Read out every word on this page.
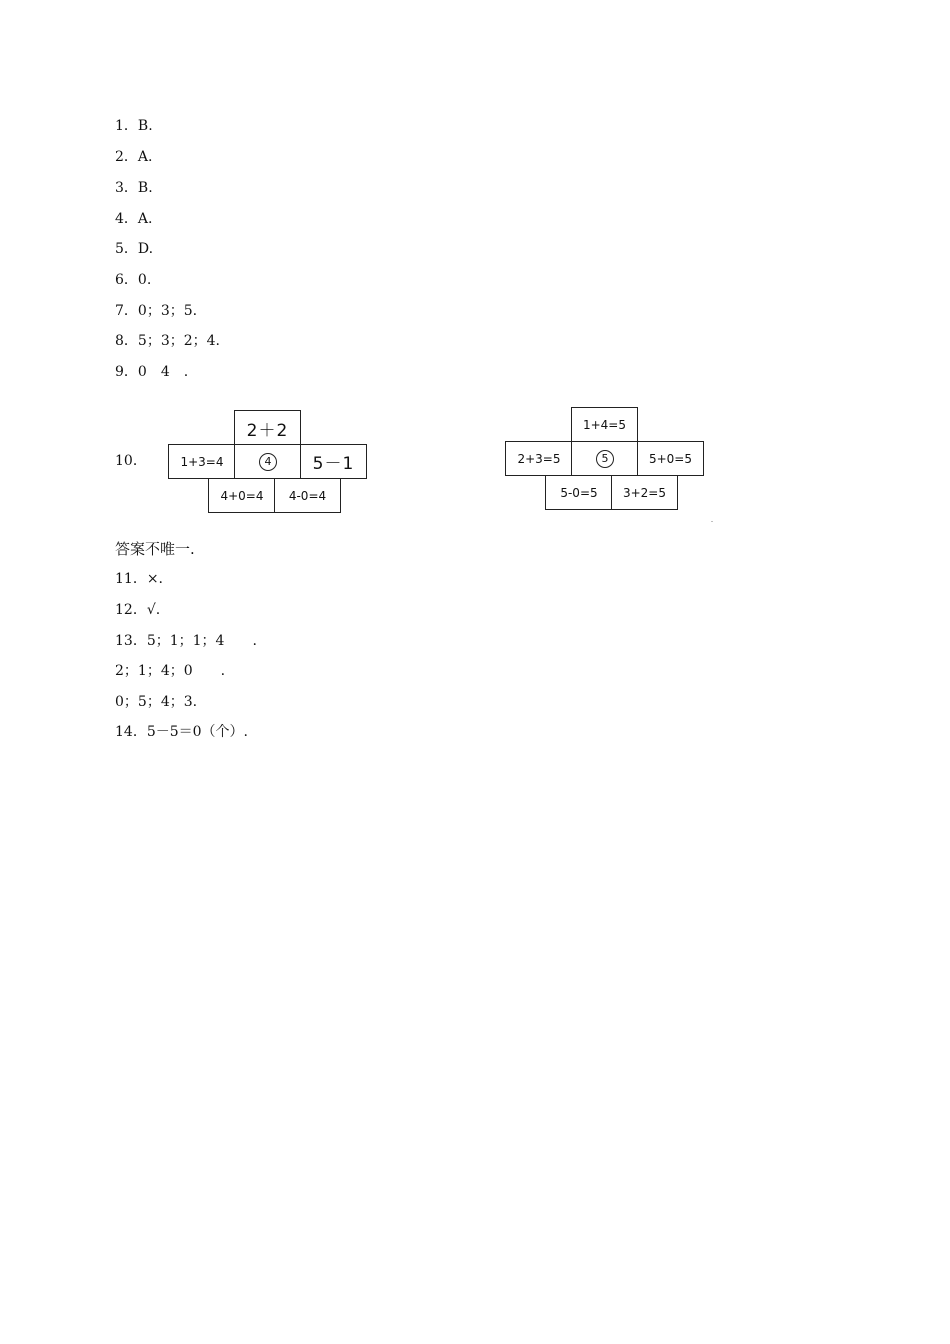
1．B.
2．A.
3．B.
4．A.
5．D.
6．0.
7．0；3；5.
8．5；3；2；4.
9．0　4　.
10．
2＋2
1+3=4	4	5－1
4+0=4	4-0=4
1+4=5
2+3=5	5	5+0=5
5-0=5	3+2=5
-
答案不唯一.
11．×.
12．√.
13．5；1；1；4　　.
2；1；4；0　　.
0；5；4；3.
14．5－5＝0（个）.
